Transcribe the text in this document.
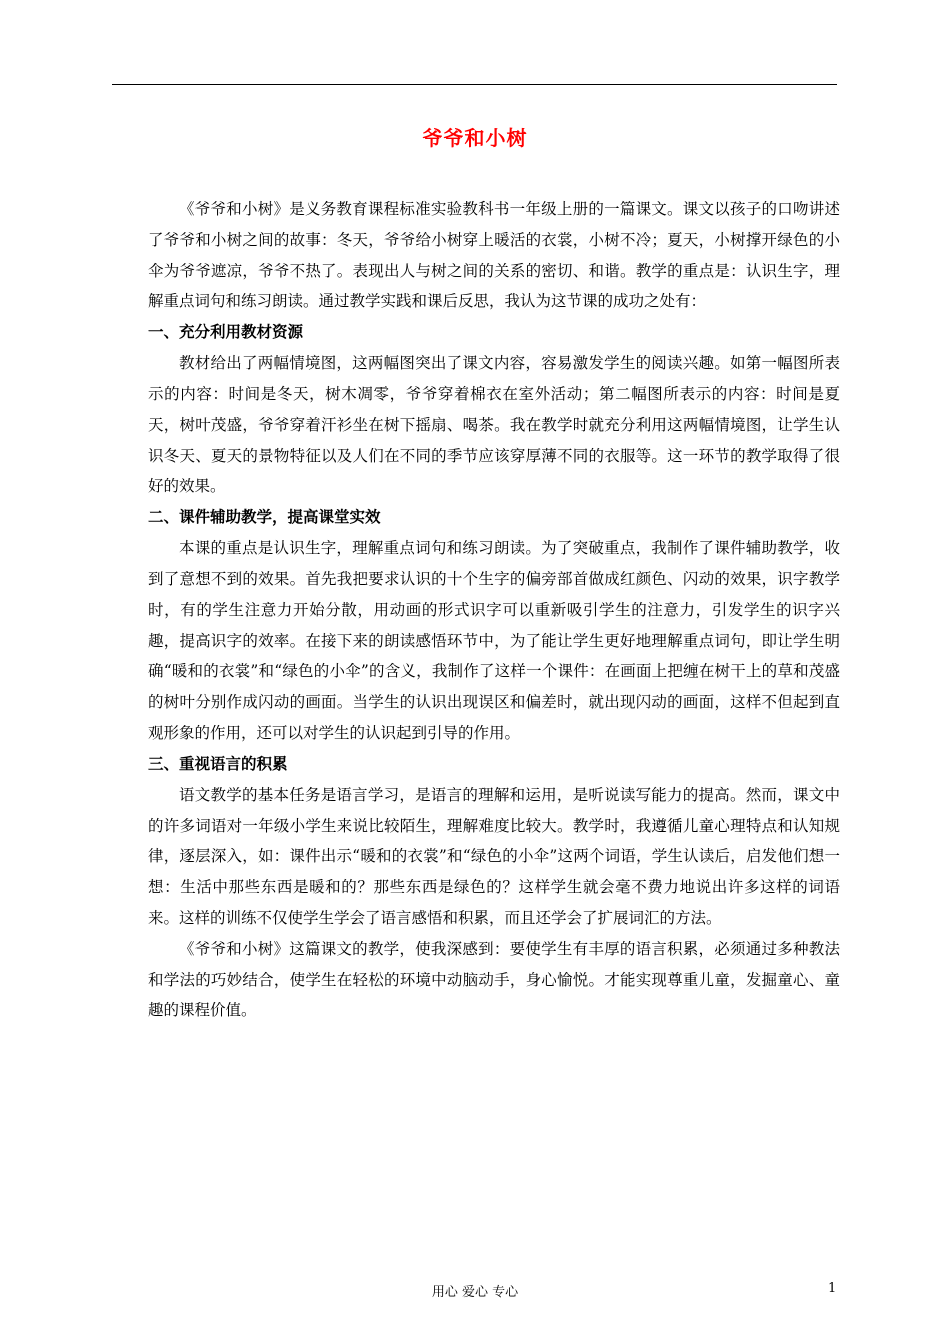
爷爷和小树

《爷爷和小树》是义务教育课程标准实验教科书一年级上册的一篇课文。课文以孩子的口吻讲述了爷爷和小树之间的故事：冬天，爷爷给小树穿上暖活的衣裳，小树不冷；夏天，小树撑开绿色的小伞为爷爷遮凉，爷爷不热了。表现出人与树之间的关系的密切、和谐。教学的重点是：认识生字，理解重点词句和练习朗读。通过教学实践和课后反思，我认为这节课的成功之处有：

一、充分利用教材资源

教材给出了两幅情境图，这两幅图突出了课文内容，容易激发学生的阅读兴趣。如第一幅图所表示的内容：时间是冬天，树木凋零，爷爷穿着棉衣在室外活动；第二幅图所表示的内容：时间是夏天，树叶茂盛，爷爷穿着汗衫坐在树下摇扇、喝茶。我在教学时就充分利用这两幅情境图，让学生认识冬天、夏天的景物特征以及人们在不同的季节应该穿厚薄不同的衣服等。这一环节的教学取得了很好的效果。

二、课件辅助教学，提高课堂实效

本课的重点是认识生字，理解重点词句和练习朗读。为了突破重点，我制作了课件辅助教学，收到了意想不到的效果。首先我把要求认识的十个生字的偏旁部首做成红颜色、闪动的效果，识字教学时，有的学生注意力开始分散，用动画的形式识字可以重新吸引学生的注意力，引发学生的识字兴趣，提高识字的效率。在接下来的朗读感悟环节中，为了能让学生更好地理解重点词句，即让学生明确“暖和的衣裳”和“绿色的小伞”的含义，我制作了这样一个课件：在画面上把缠在树干上的草和茂盛的树叶分别作成闪动的画面。当学生的认识出现误区和偏差时，就出现闪动的画面，这样不但起到直观形象的作用，还可以对学生的认识起到引导的作用。

三、重视语言的积累

语文教学的基本任务是语言学习，是语言的理解和运用，是听说读写能力的提高。然而，课文中的许多词语对一年级小学生来说比较陌生，理解难度比较大。教学时，我遵循儿童心理特点和认知规律，逐层深入，如：课件出示“暖和的衣裳”和“绿色的小伞”这两个词语，学生认读后，启发他们想一想：生活中那些东西是暖和的？那些东西是绿色的？这样学生就会毫不费力地说出许多这样的词语来。这样的训练不仅使学生学会了语言感悟和积累，而且还学会了扩展词汇的方法。

《爷爷和小树》这篇课文的教学，使我深感到：要使学生有丰厚的语言积累，必须通过多种教法和学法的巧妙结合，使学生在轻松的环境中动脑动手，身心愉悦。才能实现尊重儿童，发掘童心、童趣的课程价值。

用心 爱心 专心	1
